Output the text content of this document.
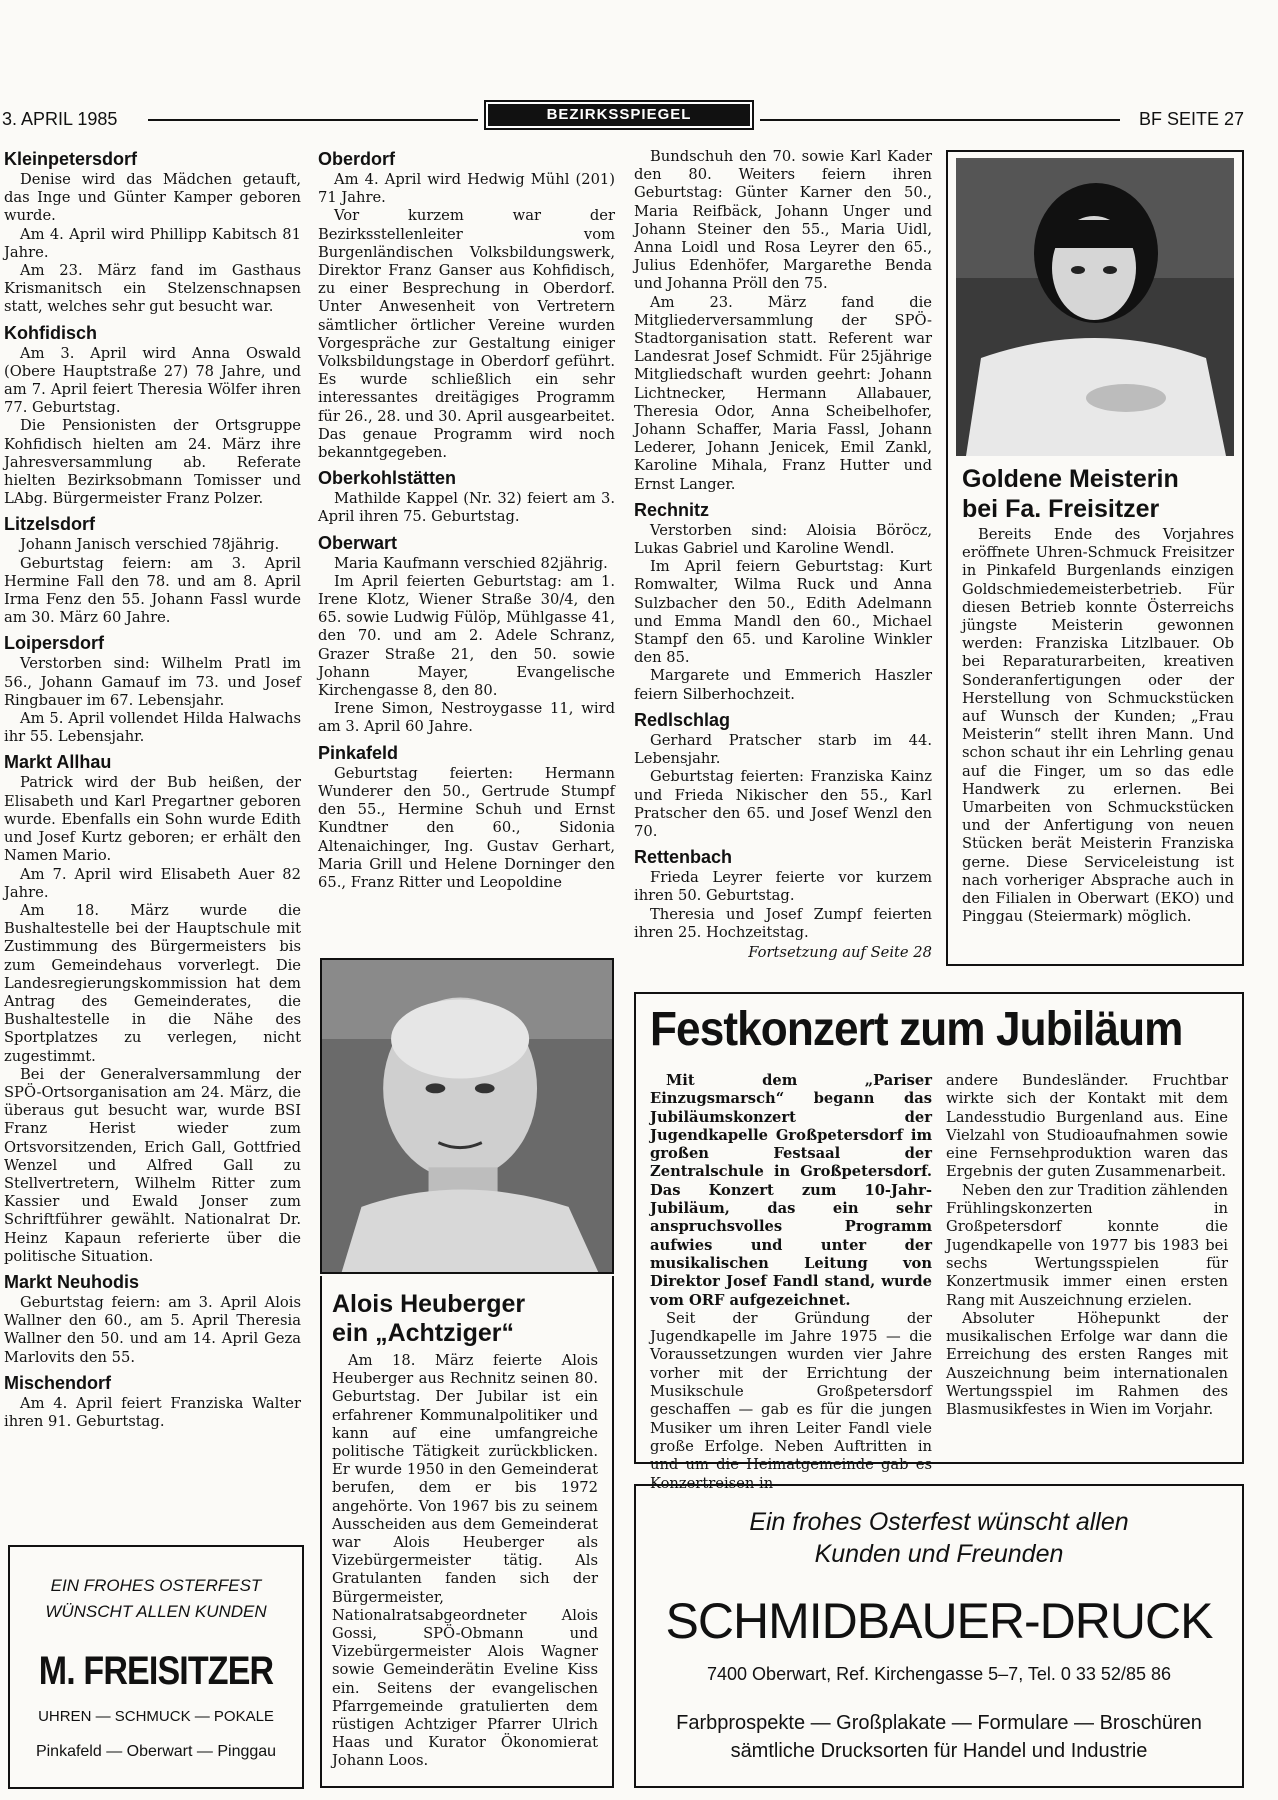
3. APRIL 1985	BEZIRKSSPIEGEL	BF SEITE 27
Kleinpetersdorf

Denise wird das Mädchen getauft, das Inge und Günter Kamper geboren wurde.

Am 4. April wird Phillipp Kabitsch 81 Jahre.

Am 23. März fand im Gasthaus Krismanitsch ein Stelzenschnapsen statt, welches sehr gut besucht war.

Kohfidisch

Am 3. April wird Anna Oswald (Obere Hauptstraße 27) 78 Jahre, und am 7. April feiert Theresia Wölfer ihren 77. Geburtstag.

Die Pensionisten der Ortsgruppe Kohfidisch hielten am 24. März ihre Jahresversammlung ab. Referate hielten Bezirksobmann Tomisser und LAbg. Bürgermeister Franz Polzer.

Litzelsdorf

Johann Janisch verschied 78jährig.

Geburtstag feiern: am 3. April Hermine Fall den 78. und am 8. April Irma Fenz den 55. Johann Fassl wurde am 30. März 60 Jahre.

Loipersdorf

Verstorben sind: Wilhelm Pratl im 56., Johann Gamauf im 73. und Josef Ringbauer im 67. Lebensjahr.

Am 5. April vollendet Hilda Halwachs ihr 55. Lebensjahr.

Markt Allhau

Patrick wird der Bub heißen, der Elisabeth und Karl Pregartner geboren wurde. Ebenfalls ein Sohn wurde Edith und Josef Kurtz geboren; er erhält den Namen Mario.

Am 7. April wird Elisabeth Auer 82 Jahre.

Am 18. März wurde die Bushaltestelle bei der Hauptschule mit Zustimmung des Bürgermeisters bis zum Gemeindehaus vorverlegt. Die Landesregierungskommission hat dem Antrag des Gemeinderates, die Bushaltestelle in die Nähe des Sportplatzes zu verlegen, nicht zugestimmt.

Bei der Generalversammlung der SPÖ-Ortsorganisation am 24. März, die überaus gut besucht war, wurde BSI Franz Herist wieder zum Ortsvorsitzenden, Erich Gall, Gottfried Wenzel und Alfred Gall zu Stellvertretern, Wilhelm Ritter zum Kassier und Ewald Jonser zum Schriftführer gewählt. Nationalrat Dr. Heinz Kapaun referierte über die politische Situation.

Markt Neuhodis

Geburtstag feiern: am 3. April Alois Wallner den 60., am 5. April Theresia Wallner den 50. und am 14. April Geza Marlovits den 55.

Mischendorf

Am 4. April feiert Franziska Walter ihren 91. Geburtstag.

Oberdorf

Am 4. April wird Hedwig Mühl (201) 71 Jahre.

Vor kurzem war der Bezirksstellenleiter vom Burgenländischen Volksbildungswerk, Direktor Franz Ganser aus Kohfidisch, zu einer Besprechung in Oberdorf. Unter Anwesenheit von Vertretern sämtlicher örtlicher Vereine wurden Vorgespräche zur Gestaltung einiger Volksbildungstage in Oberdorf geführt. Es wurde schließlich ein sehr interessantes dreitägiges Programm für 26., 28. und 30. April ausgearbeitet. Das genaue Programm wird noch bekanntgegeben.

Oberkohlstätten

Mathilde Kappel (Nr. 32) feiert am 3. April ihren 75. Geburtstag.

Oberwart

Maria Kaufmann verschied 82jährig.

Im April feierten Geburtstag: am 1. Irene Klotz, Wiener Straße 30/4, den 65. sowie Ludwig Fülöp, Mühlgasse 41, den 70. und am 2. Adele Schranz, Grazer Straße 21, den 50. sowie Johann Mayer, Evangelische Kirchengasse 8, den 80.

Irene Simon, Nestroygasse 11, wird am 3. April 60 Jahre.

Pinkafeld

Geburtstag feierten: Hermann Wunderer den 50., Gertrude Stumpf den 55., Hermine Schuh und Ernst Kundtner den 60., Sidonia Altenaichinger, Ing. Gustav Gerhart, Maria Grill und Helene Dorninger den 65., Franz Ritter und Leopoldine

Alois Heuberger
ein „Achtziger“

Am 18. März feierte Alois Heuberger aus Rechnitz seinen 80. Geburtstag. Der Jubilar ist ein erfahrener Kommunalpolitiker und kann auf eine umfangreiche politische Tätigkeit zurückblicken. Er wurde 1950 in den Gemeinderat berufen, dem er bis 1972 angehörte. Von 1967 bis zu seinem Ausscheiden aus dem Gemeinderat war Alois Heuberger als Vizebürgermeister tätig. Als Gratulanten fanden sich der Bürgermeister, Nationalratsabgeordneter Alois Gossi, SPÖ-Obmann und Vizebürgermeister Alois Wagner sowie Gemeinderätin Eveline Kiss ein. Seitens der evangelischen Pfarrgemeinde gratulierten dem rüstigen Achtziger Pfarrer Ulrich Haas und Kurator Ökonomierat Johann Loos.

Bundschuh den 70. sowie Karl Kader den 80. Weiters feiern ihren Geburtstag: Günter Karner den 50., Maria Reifbäck, Johann Unger und Johann Steiner den 55., Maria Uidl, Anna Loidl und Rosa Leyrer den 65., Julius Edenhöfer, Margarethe Benda und Johanna Pröll den 75.

Am 23. März fand die Mitgliederversammlung der SPÖ-Stadtorganisation statt. Referent war Landesrat Josef Schmidt. Für 25jährige Mitgliedschaft wurden geehrt: Johann Lichtnecker, Hermann Allabauer, Theresia Odor, Anna Scheibelhofer, Johann Schaffer, Maria Fassl, Johann Lederer, Johann Jenicek, Emil Zankl, Karoline Mihala, Franz Hutter und Ernst Langer.

Rechnitz

Verstorben sind: Aloisia Böröcz, Lukas Gabriel und Karoline Wendl.

Im April feiern Geburtstag: Kurt Romwalter, Wilma Ruck und Anna Sulzbacher den 50., Edith Adelmann und Emma Mandl den 60., Michael Stampf den 65. und Karoline Winkler den 85.

Margarete und Emmerich Haszler feiern Silberhochzeit.

Redlschlag

Gerhard Pratscher starb im 44. Lebensjahr.

Geburtstag feierten: Franziska Kainz und Frieda Nikischer den 55., Karl Pratscher den 65. und Josef Wenzl den 70.

Rettenbach

Frieda Leyrer feierte vor kurzem ihren 50. Geburtstag.

Theresia und Josef Zumpf feierten ihren 25. Hochzeitstag.

Fortsetzung auf Seite 28
Goldene Meisterin
bei Fa. Freisitzer

Bereits Ende des Vorjahres eröffnete Uhren-Schmuck Freisitzer in Pinkafeld Burgenlands einzigen Goldschmiedemeisterbetrieb. Für diesen Betrieb konnte Österreichs jüngste Meisterin gewonnen werden: Franziska Litzlbauer. Ob bei Reparaturarbeiten, kreativen Sonderanfertigungen oder der Herstellung von Schmuckstücken auf Wunsch der Kunden; „Frau Meisterin“ stellt ihren Mann. Und schon schaut ihr ein Lehrling genau auf die Finger, um so das edle Handwerk zu erlernen. Bei Umarbeiten von Schmuckstücken und der Anfertigung von neuen Stücken berät Meisterin Franziska gerne. Diese Serviceleistung ist nach vorheriger Absprache auch in den Filialen in Oberwart (EKO) und Pinggau (Steiermark) möglich.

Festkonzert zum Jubiläum

Mit dem „Pariser Einzugsmarsch“ begann das Jubiläumskonzert der Jugendkapelle Großpetersdorf im großen Festsaal der Zentralschule in Großpetersdorf. Das Konzert zum 10-Jahr-Jubiläum, das ein sehr anspruchsvolles Programm aufwies und unter der musikalischen Leitung von Direktor Josef Fandl stand, wurde vom ORF aufgezeichnet.

Seit der Gründung der Jugendkapelle im Jahre 1975 — die Voraussetzungen wurden vier Jahre vorher mit der Errichtung der Musikschule Großpetersdorf geschaffen — gab es für die jungen Musiker um ihren Leiter Fandl viele große Erfolge. Neben Auftritten in und um die Heimatgemeinde gab es Konzertreisen in

andere Bundesländer. Fruchtbar wirkte sich der Kontakt mit dem Landesstudio Burgenland aus. Eine Vielzahl von Studioaufnahmen sowie eine Fernsehproduktion waren das Ergebnis der guten Zusammenarbeit.

Neben den zur Tradition zählenden Frühlingskonzerten in Großpetersdorf konnte die Jugendkapelle von 1977 bis 1983 bei sechs Wertungsspielen für Konzertmusik immer einen ersten Rang mit Auszeichnung erzielen.

Absoluter Höhepunkt der musikalischen Erfolge war dann die Erreichung des ersten Ranges mit Auszeichnung beim internationalen Wertungsspiel im Rahmen des Blasmusikfestes in Wien im Vorjahr.

EIN FROHES OSTERFEST
WÜNSCHT ALLEN KUNDEN
M. FREISITZER
UHREN — SCHMUCK — POKALE
Pinkafeld — Oberwart — Pinggau
Ein frohes Osterfest wünscht allen
Kunden und Freunden
SCHMIDBAUER-DRUCK
7400 Oberwart, Ref. Kirchengasse 5–7, Tel. 0 33 52/85 86
Farbprospekte — Großplakate — Formulare — Broschüren
sämtliche Drucksorten für Handel und Industrie
